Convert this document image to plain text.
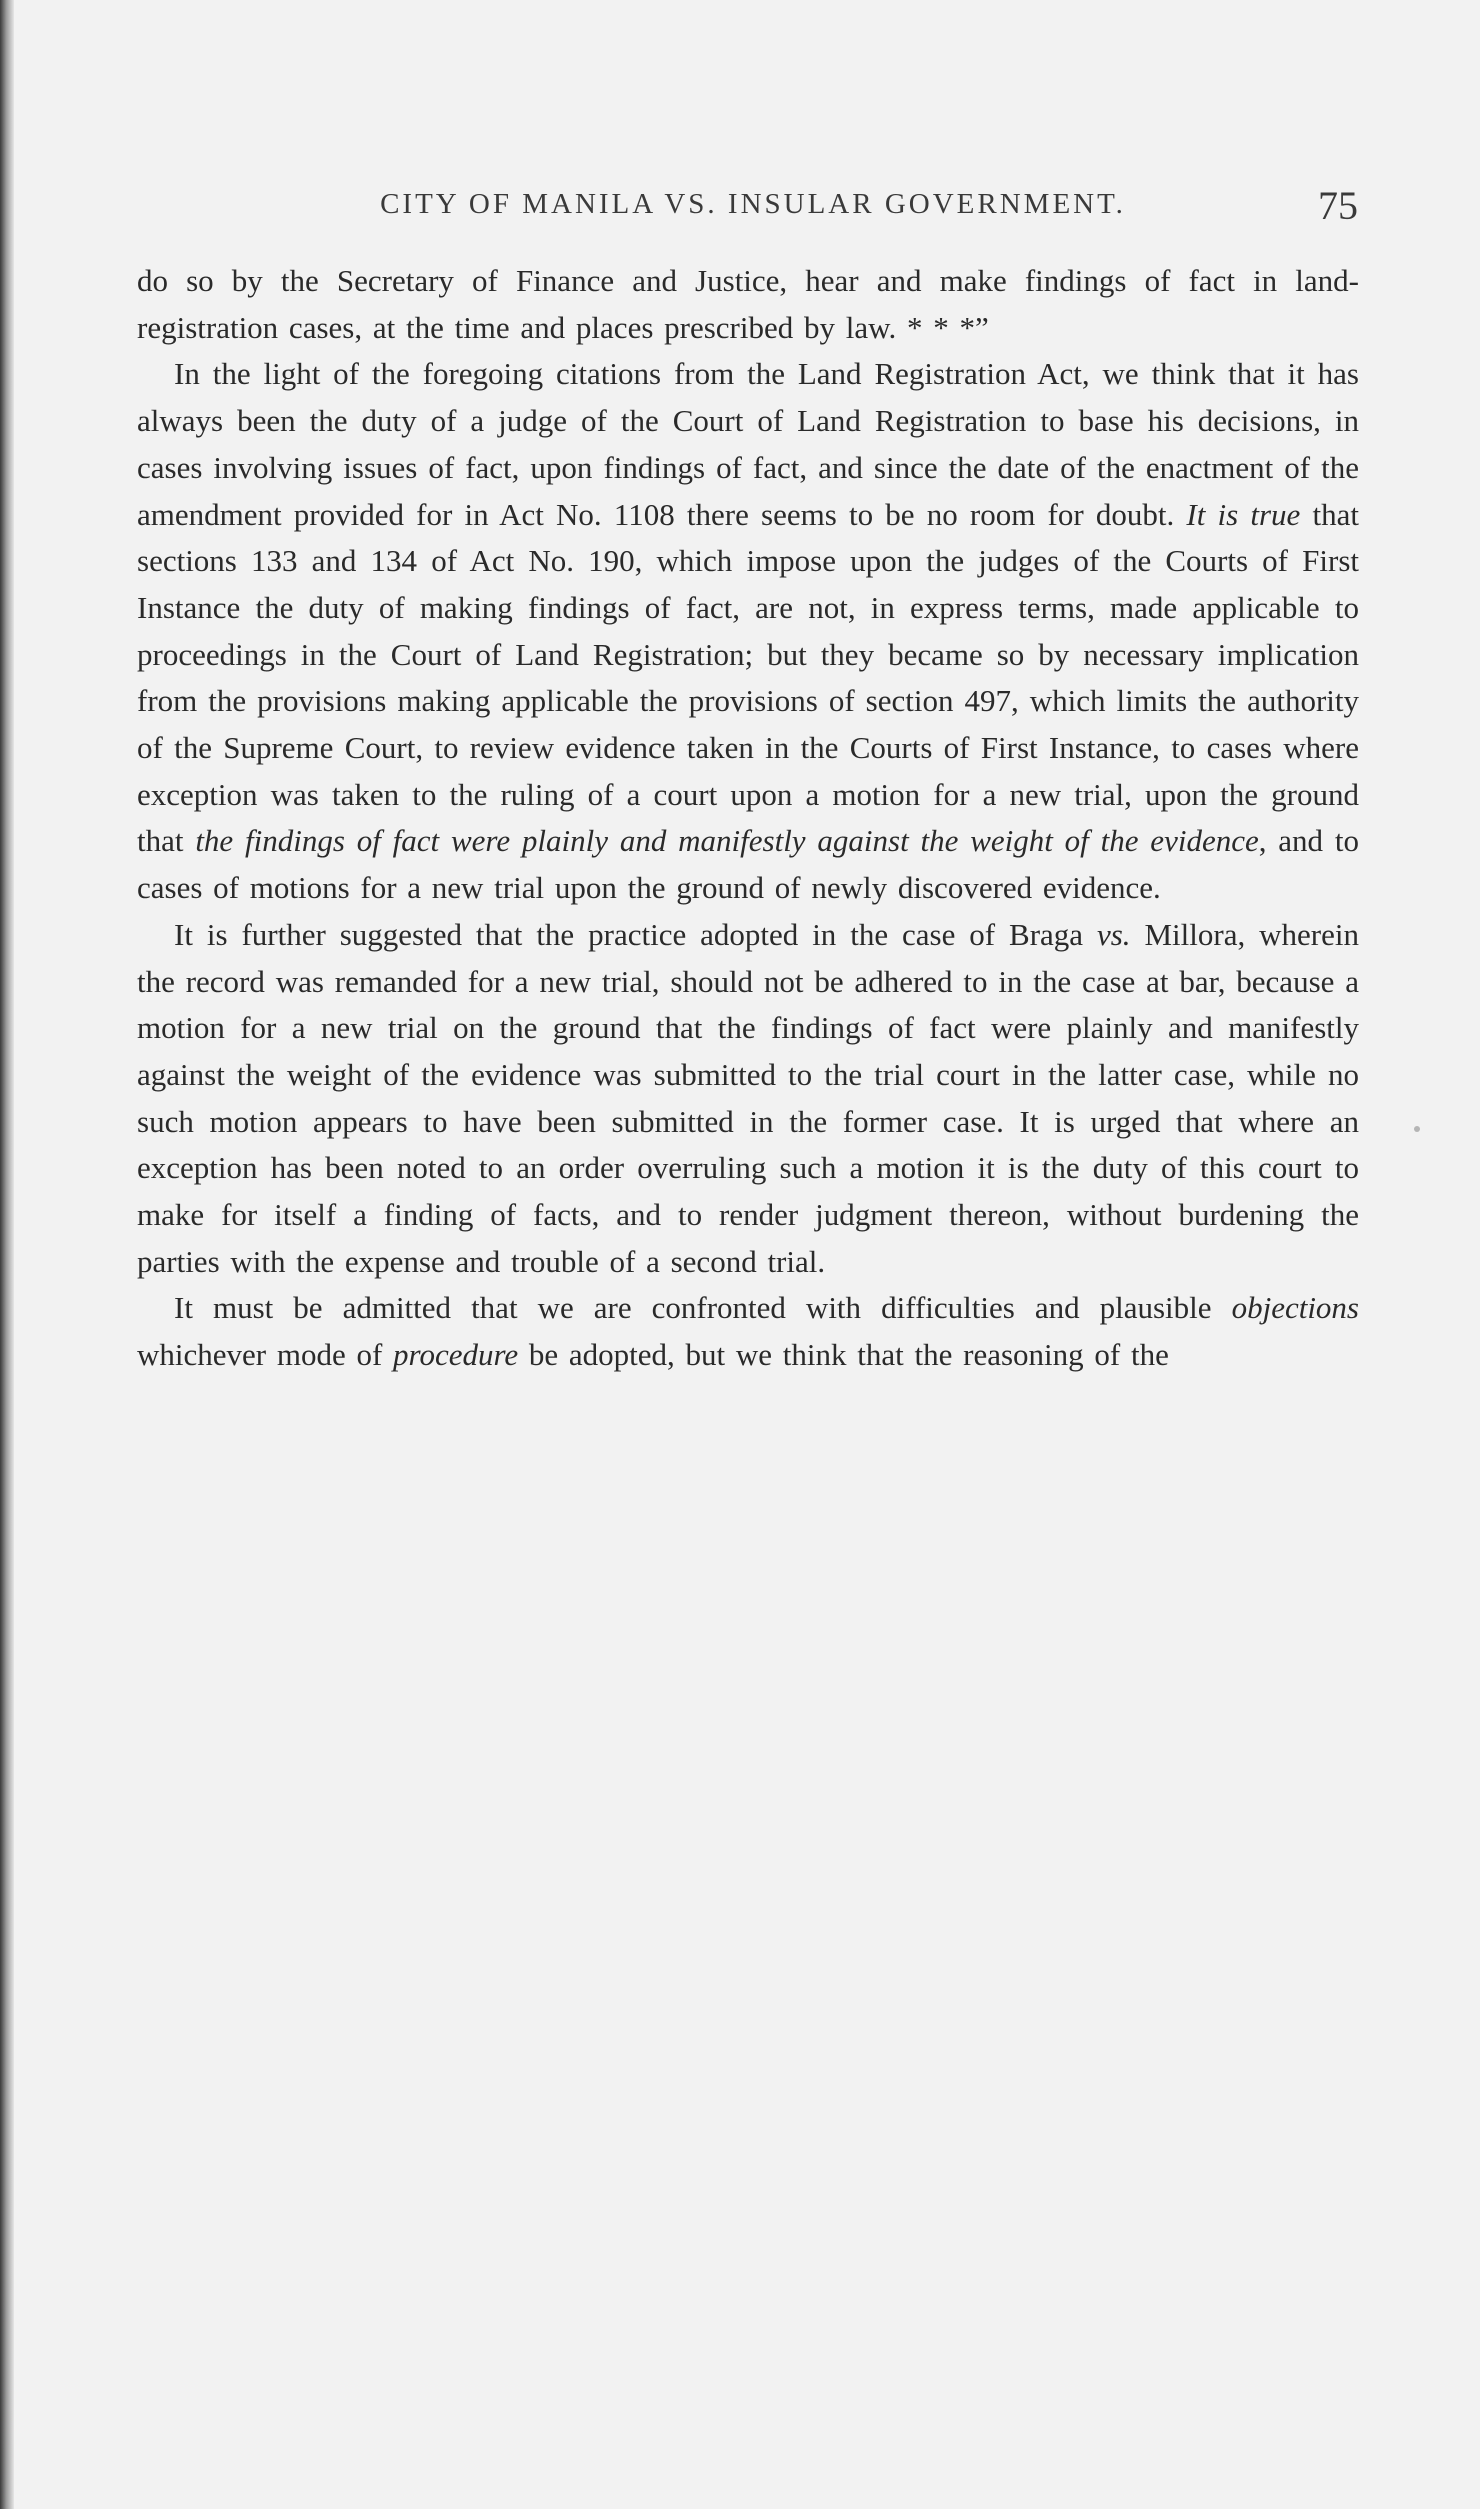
CITY OF MANILA VS. INSULAR GOVERNMENT.	75

do so by the Secretary of Finance and Justice, hear and make findings of fact in land-registration cases, at the time and places prescribed by law. * * *”

In the light of the foregoing citations from the Land Registration Act, we think that it has always been the duty of a judge of the Court of Land Registration to base his decisions, in cases involving issues of fact, upon findings of fact, and since the date of the enactment of the amendment provided for in Act No. 1108 there seems to be no room for doubt. It is true that sections 133 and 134 of Act No. 190, which impose upon the judges of the Courts of First Instance the duty of making findings of fact, are not, in express terms, made applicable to proceedings in the Court of Land Registration; but they became so by necessary implication from the provisions making applicable the provisions of section 497, which limits the authority of the Supreme Court, to review evidence taken in the Courts of First Instance, to cases where exception was taken to the ruling of a court upon a motion for a new trial, upon the ground that the findings of fact were plainly and manifestly against the weight of the evidence, and to cases of motions for a new trial upon the ground of newly discovered evidence.

It is further suggested that the practice adopted in the case of Braga vs. Millora, wherein the record was remanded for a new trial, should not be adhered to in the case at bar, because a motion for a new trial on the ground that the findings of fact were plainly and manifestly against the weight of the evidence was submitted to the trial court in the latter case, while no such motion appears to have been submitted in the former case. It is urged that where an exception has been noted to an order overruling such a motion it is the duty of this court to make for itself a finding of facts, and to render judgment thereon, without burdening the parties with the expense and trouble of a second trial.

It must be admitted that we are confronted with difficulties and plausible objections whichever mode of procedure be adopted, but we think that the reasoning of the
